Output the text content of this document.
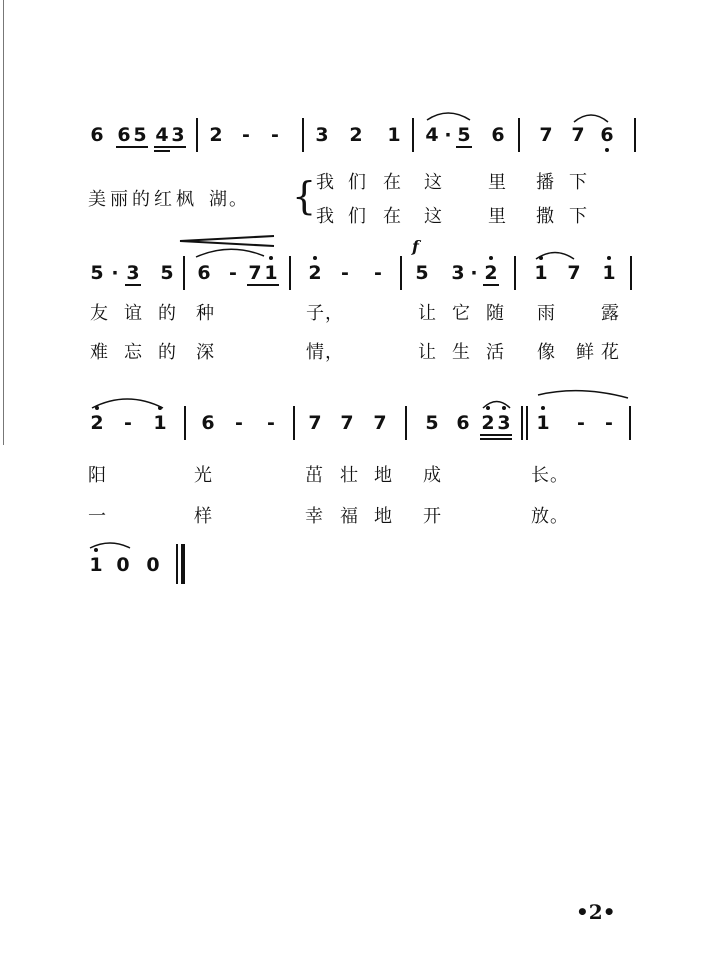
6 6 5 4 3 2 - - 3 2 1 4 · 5 6 7 7 6
美 丽 的 红 枫 湖 。 { 我 们 在 这	里 播 下
我 们 在 这	里 撒 下
5 · 3 5 6 - 7 1 2 - -
f
5 3 · 2 1 7 1
友 谊 的 种	子 ，	让 它 随 雨	露
难 忘 的 深	情 ，	让 生 活 像 鲜 花
2 - 1 6 - - 7 7 7 5 6 2 3 1 - -
阳	光	茁 壮 地 成	长 。
一	样	幸 福 地 开	放 。
1 0 0
•2•
